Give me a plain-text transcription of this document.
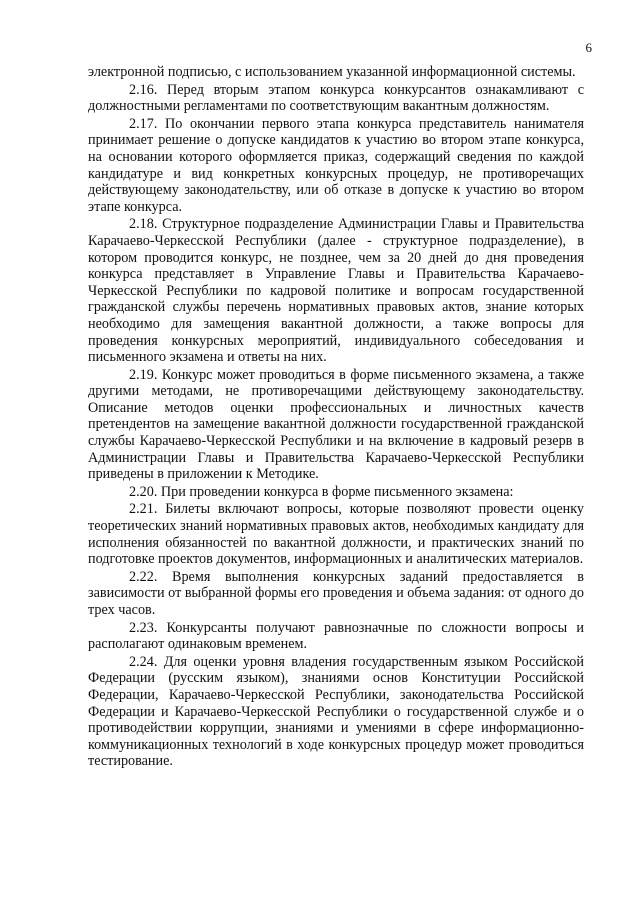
6

электронной подписью, с использованием указанной информационной системы.

2.16. Перед вторым этапом конкурса конкурсантов ознакамливают с должностными регламентами по соответствующим вакантным должностям.

2.17. По окончании первого этапа конкурса представитель нанимателя принимает решение о допуске кандидатов к участию во втором этапе конкурса, на основании которого оформляется приказ, содержащий сведения по каждой кандидатуре и вид конкретных конкурсных процедур, не противоречащих действующему законодательству, или об отказе в допуске к участию во втором этапе конкурса.

2.18. Структурное подразделение Администрации Главы и Правительства Карачаево-Черкесской Республики (далее - структурное подразделение), в котором проводится конкурс, не позднее, чем за 20 дней до дня проведения конкурса представляет в Управление Главы и Правительства Карачаево-Черкесской Республики по кадровой политике и вопросам государственной гражданской службы перечень нормативных правовых актов, знание которых необходимо для замещения вакантной должности, а также вопросы для проведения конкурсных мероприятий, индивидуального собеседования и письменного экзамена и ответы на них.

2.19. Конкурс может проводиться в форме письменного экзамена, а также другими методами, не противоречащими действующему законодательству. Описание методов оценки профессиональных и личностных качеств претендентов на замещение вакантной должности государственной гражданской службы Карачаево-Черкесской Республики и на включение в кадровый резерв в Администрации Главы и Правительства Карачаево-Черкесской Республики приведены в приложении к Методике.

2.20. При проведении конкурса в форме письменного экзамена:

2.21. Билеты включают вопросы, которые позволяют провести оценку теоретических знаний нормативных правовых актов, необходимых кандидату для исполнения обязанностей по вакантной должности, и практических знаний по подготовке проектов документов, информационных и аналитических материалов.

2.22. Время выполнения конкурсных заданий предоставляется в зависимости от выбранной формы его проведения и объема задания: от одного до трех часов.

2.23. Конкурсанты получают равнозначные по сложности вопросы и располагают одинаковым временем.

2.24. Для оценки уровня владения государственным языком Российской Федерации (русским языком), знаниями основ Конституции Российской Федерации, Карачаево-Черкесской Республики, законодательства Российской Федерации и Карачаево-Черкесской Республики о государственной службе и о противодействии коррупции, знаниями и умениями в сфере информационно-коммуникационных технологий в ходе конкурсных процедур может проводиться тестирование.
